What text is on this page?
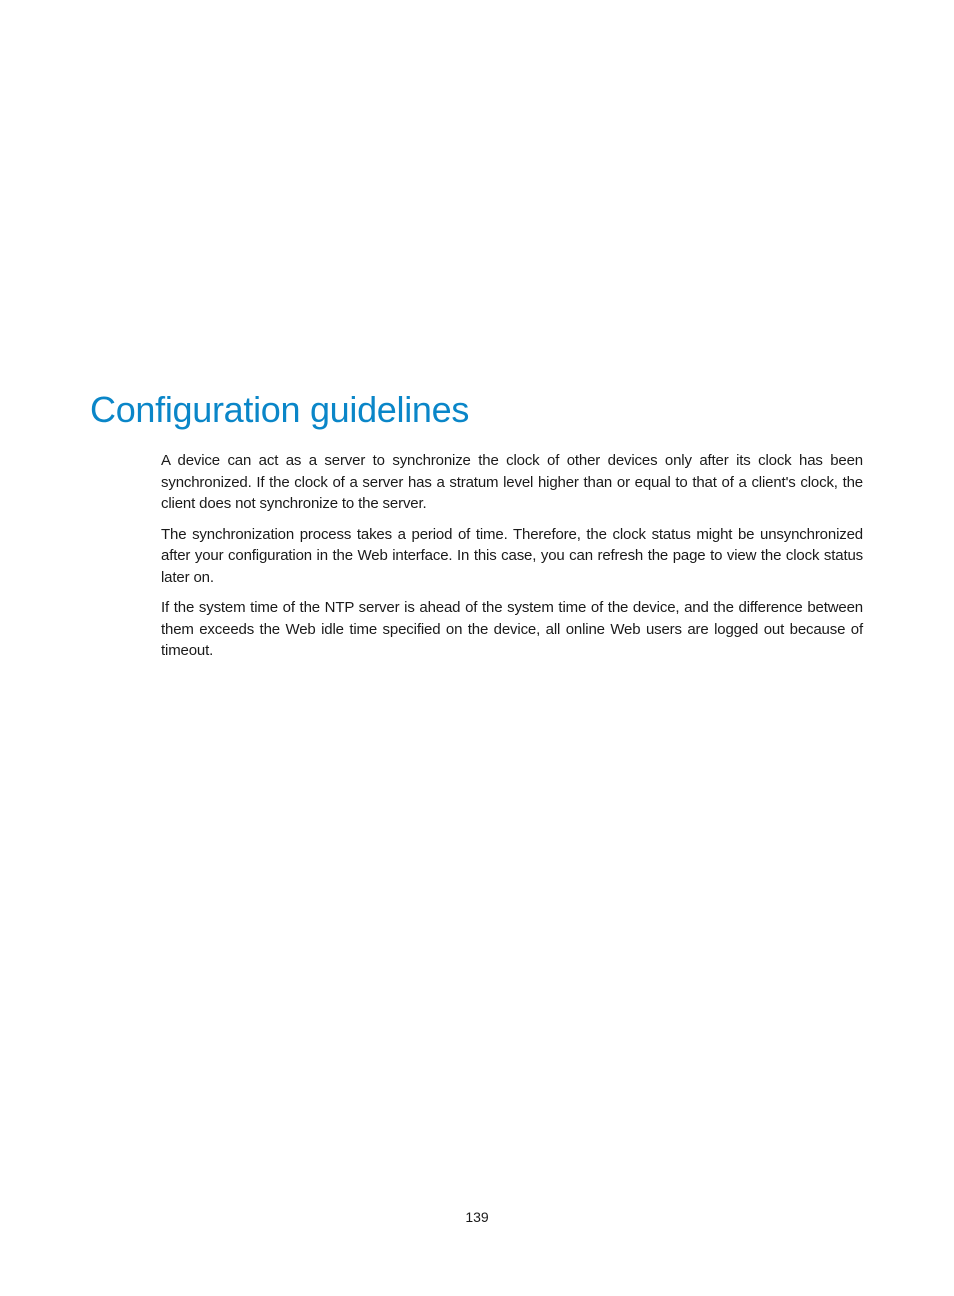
Configuration guidelines

A device can act as a server to synchronize the clock of other devices only after its clock has been synchronized. If the clock of a server has a stratum level higher than or equal to that of a client's clock, the client does not synchronize to the server.

The synchronization process takes a period of time. Therefore, the clock status might be unsynchronized after your configuration in the Web interface. In this case, you can refresh the page to view the clock status later on.

If the system time of the NTP server is ahead of the system time of the device, and the difference between them exceeds the Web idle time specified on the device, all online Web users are logged out because of timeout.

139
